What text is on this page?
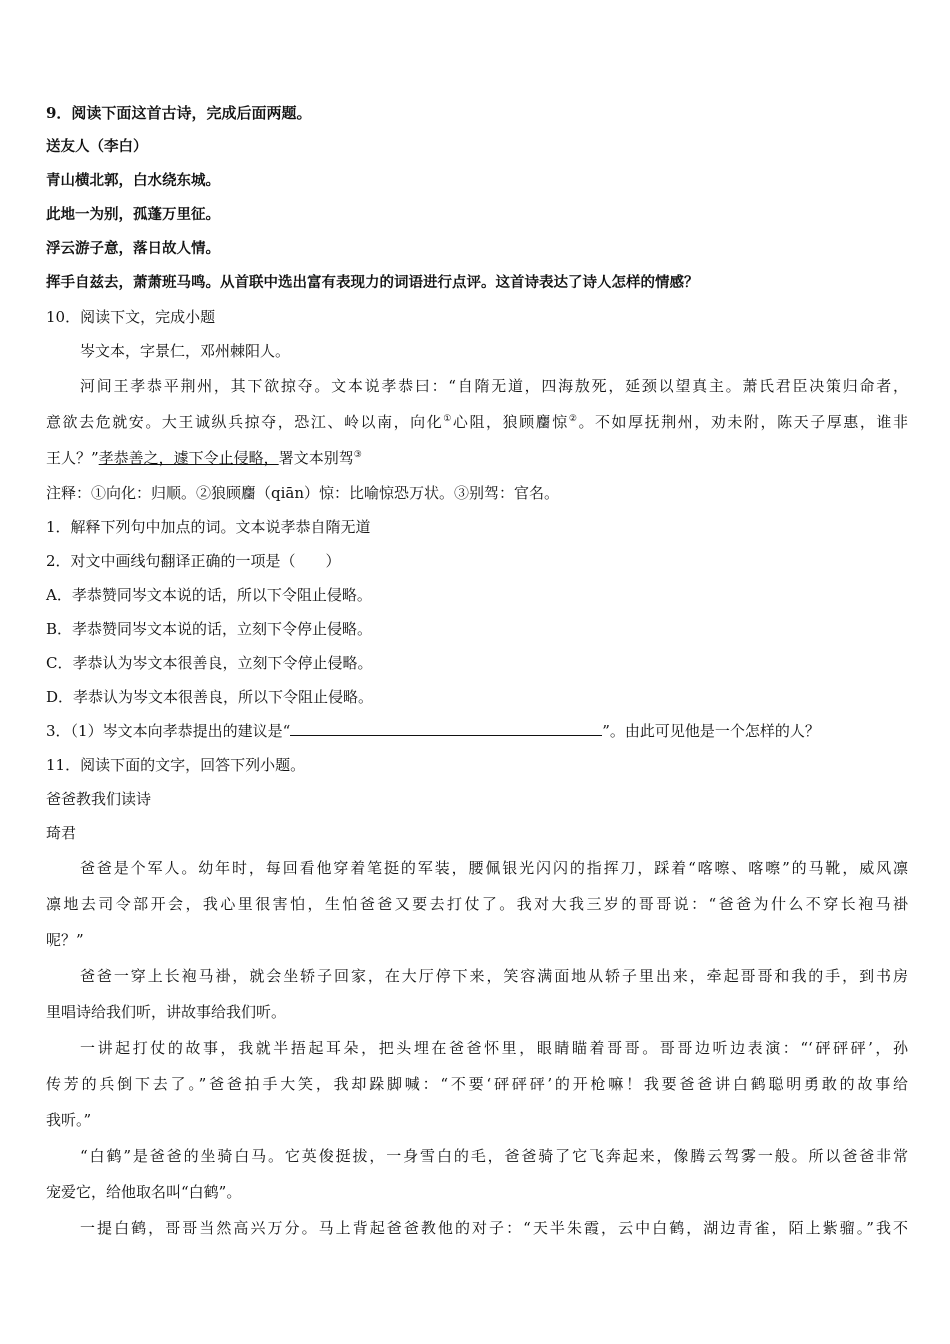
9．阅读下面这首古诗，完成后面两题。

送友人（李白）

青山横北郭，白水绕东城。

此地一为别，孤蓬万里征。

浮云游子意，落日故人情。

挥手自兹去，萧萧班马鸣。从首联中选出富有表现力的词语进行点评。这首诗表达了诗人怎样的情感？

10．阅读下文，完成小题

岑文本，字景仁，邓州棘阳人。

河间王孝恭平荆州，其下欲掠夺。文本说孝恭曰：“自隋无道，四海敖死，延颈以望真主。萧氏君臣决策归命者，
意欲去危就安。大王诚纵兵掠夺，恐江、岭以南，向化①心阻，狼顾麕惊②。不如厚抚荆州，劝未附，陈天子厚惠，谁非
王人？”孝恭善之，遽下令止侵略，署文本别驾③

注释：①向化：归顺。②狼顾麕（qiān）惊：比喻惊恐万状。③别驾：官名。

1．解释下列句中加点的词。文本说孝恭自隋无道

2．对文中画线句翻译正确的一项是（　　）

A．孝恭赞同岑文本说的话，所以下令阻止侵略。

B．孝恭赞同岑文本说的话，立刻下令停止侵略。

C．孝恭认为岑文本很善良，立刻下令停止侵略。

D．孝恭认为岑文本很善良，所以下令阻止侵略。

3．（1）岑文本向孝恭提出的建议是“	”。由此可见他是一个怎样的人？

11．阅读下面的文字，回答下列小题。

爸爸教我们读诗

琦君

爸爸是个军人。幼年时，每回看他穿着笔挺的军装，腰佩银光闪闪的指挥刀，踩着“喀嚓、喀嚓”的马靴，威风凛
凛地去司令部开会，我心里很害怕，生怕爸爸又要去打仗了。我对大我三岁的哥哥说：“爸爸为什么不穿长袍马褂
呢？”
爸爸一穿上长袍马褂，就会坐轿子回家，在大厅停下来，笑容满面地从轿子里出来，牵起哥哥和我的手，到书房
里唱诗给我们听，讲故事给我们听。
一讲起打仗的故事，我就半捂起耳朵，把头埋在爸爸怀里，眼睛瞄着哥哥。哥哥边听边表演：“‘砰砰砰’，孙
传芳的兵倒下去了。”爸爸拍手大笑，我却跺脚喊：“不要‘砰砰砰’的开枪嘛！我要爸爸讲白鹤聪明勇敢的故事给
我听。”
“白鹤”是爸爸的坐骑白马。它英俊挺拔，一身雪白的毛，爸爸骑了它飞奔起来，像腾云驾雾一般。所以爸爸非常
宠爱它，给他取名叫“白鹤”。
一提白鹤，哥哥当然高兴万分。马上背起爸爸教他的对子：“天半朱霞，云中白鹤，湖边青雀，陌上紫骝。”我不
